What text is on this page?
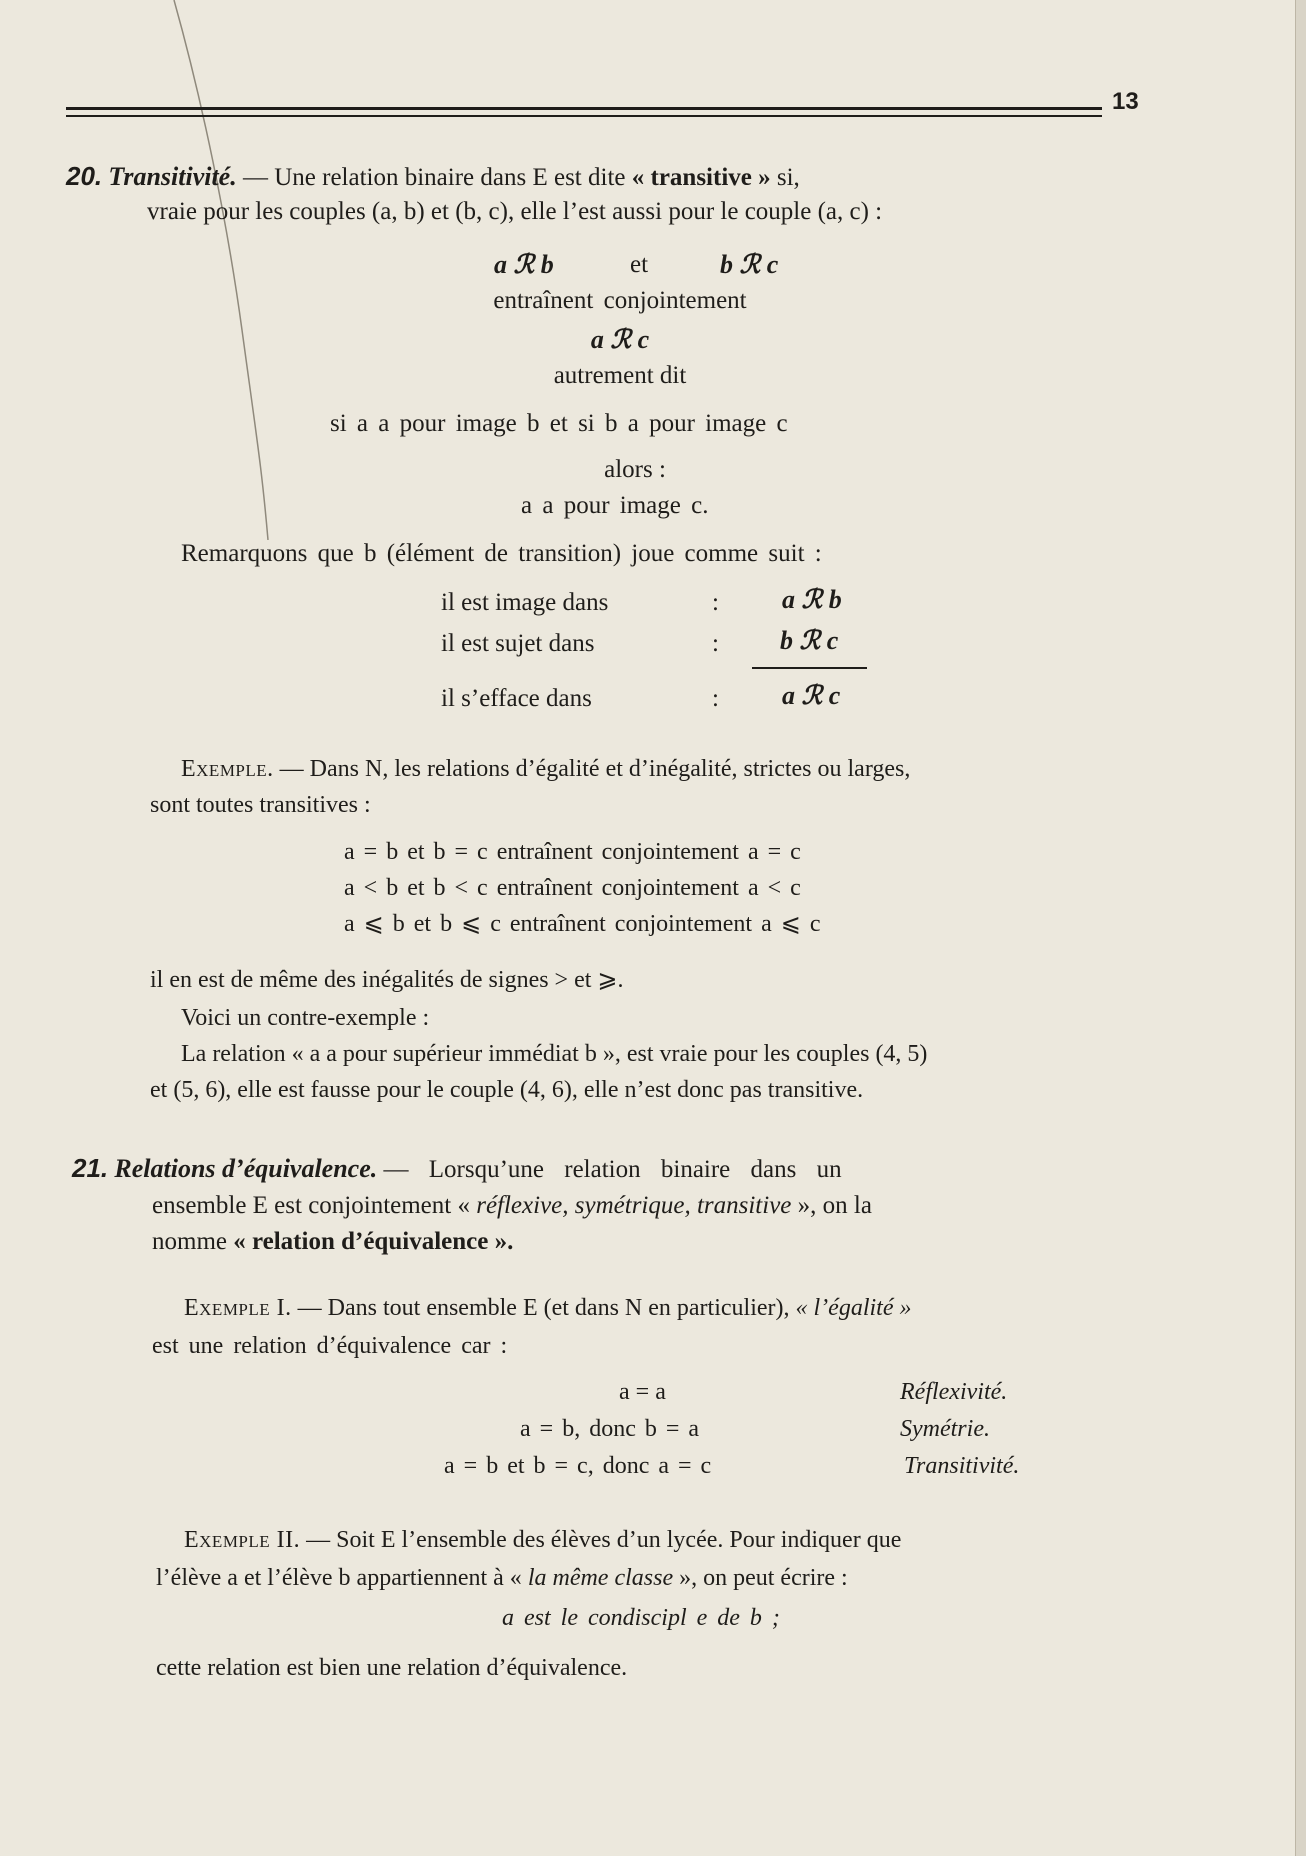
13
20. Transitivité. — Une relation binaire dans E est dite « transitive » si,
vraie pour les couples (a, b) et (b, c), elle l’est aussi pour le couple (a, c) :
a ℛ b	et	b ℛ c
entraînent conjointement
a ℛ c
autrement dit
si a a pour image b et si b a pour image c
alors :
a a pour image c.
Remarquons que b (élément de transition) joue comme suit :
il est image dans	: a ℛ b
il est sujet dans	: b ℛ c
il s’efface dans	: a ℛ c
Exemple. — Dans N, les relations d’égalité et d’inégalité, strictes ou larges,
sont toutes transitives :
a = b et b = c entraînent conjointement a = c
a < b et b < c entraînent conjointement a < c
a ⩽ b et b ⩽ c entraînent conjointement a ⩽ c
il en est de même des inégalités de signes > et ⩾.
Voici un contre-exemple :
La relation « a a pour supérieur immédiat b », est vraie pour les couples (4, 5)
et (5, 6), elle est fausse pour le couple (4, 6), elle n’est donc pas transitive.
21. Relations d’équivalence. — Lorsqu’une relation binaire dans un
ensemble E est conjointement « réflexive, symétrique, transitive », on la
nomme « relation d’équivalence ».
Exemple I. — Dans tout ensemble E (et dans N en particulier), « l’égalité »
est une relation d’équivalence car :
a = a	Réflexivité.
a = b, donc b = a	Symétrie.
a = b et b = c, donc a = c	Transitivité.
Exemple II. — Soit E l’ensemble des élèves d’un lycée. Pour indiquer que
l’élève a et l’élève b appartiennent à « la même classe », on peut écrire :
a est le condiscipl e de b ;
cette relation est bien une relation d’équivalence.
